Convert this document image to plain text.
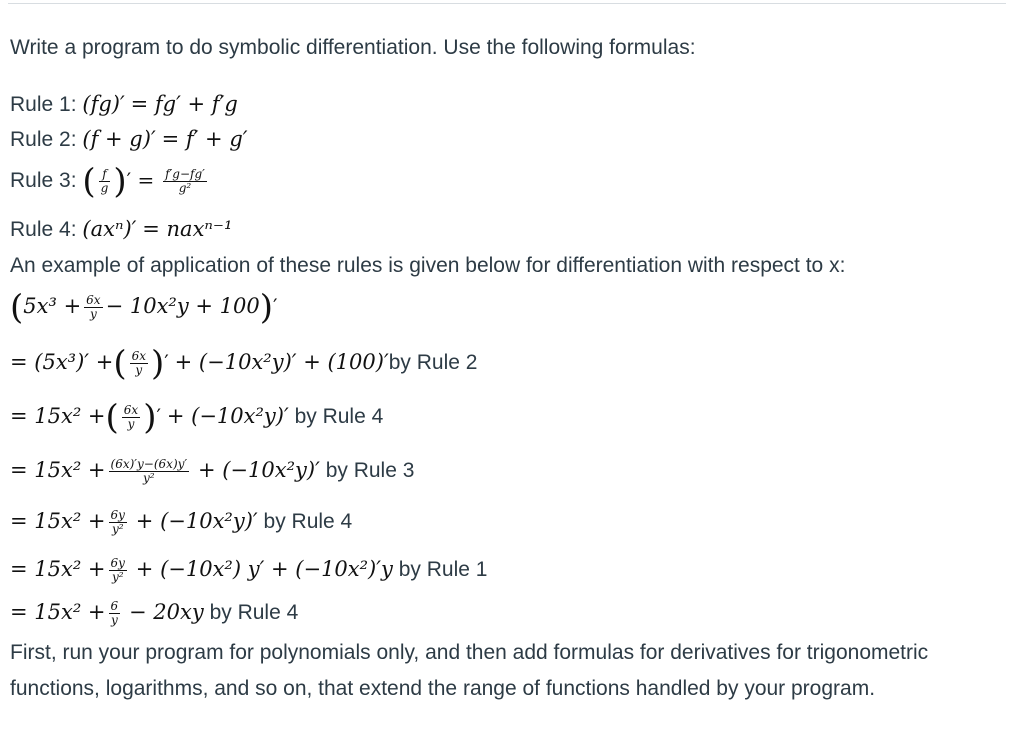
Write a program to do symbolic differentiation. Use the following formulas:
Rule 1: (fg)′ = fg′ + f′g
Rule 2: (f + g)′ = f′ + g′
Rule 3: ( $\frac{f}{g}$ )′ = $\frac{f'g-fg'}{\text{g²}}$
Rule 4: (axⁿ)′ = naxⁿ⁻¹
An example of application of these rules is given below for differentiation with respect to x:
$(5x^3 + \frac{6x}{y} - 10x^2y + 100)'$
= (5x³)′ +( $\frac{6x}{y}$ )′ + (−10x²y)′ + (100)′by Rule 2
= 15x² +( $\frac{6x}{y}$ )′ + (−10x²y)′ by Rule 4
= $15x^2 + \frac{(6x)'y-(6x)y'}{\text{y²}} + (-10x^2y)'$ by Rule 3
= $15x^2 + \frac{6y}{\text{y²}} + (-10x^2y)'$ by Rule 4
= $15x^2 + \frac{6y}{\text{y²}} + (-10x^2) y' + (-10x^2)'y$ by Rule 1
= $15x^2 + \frac{6}{y} - 20xy$ by Rule 4
First, run your program for polynomials only, and then add formulas for derivatives for trigonometric functions, logarithms, and so on, that extend the range of functions handled by your program.
